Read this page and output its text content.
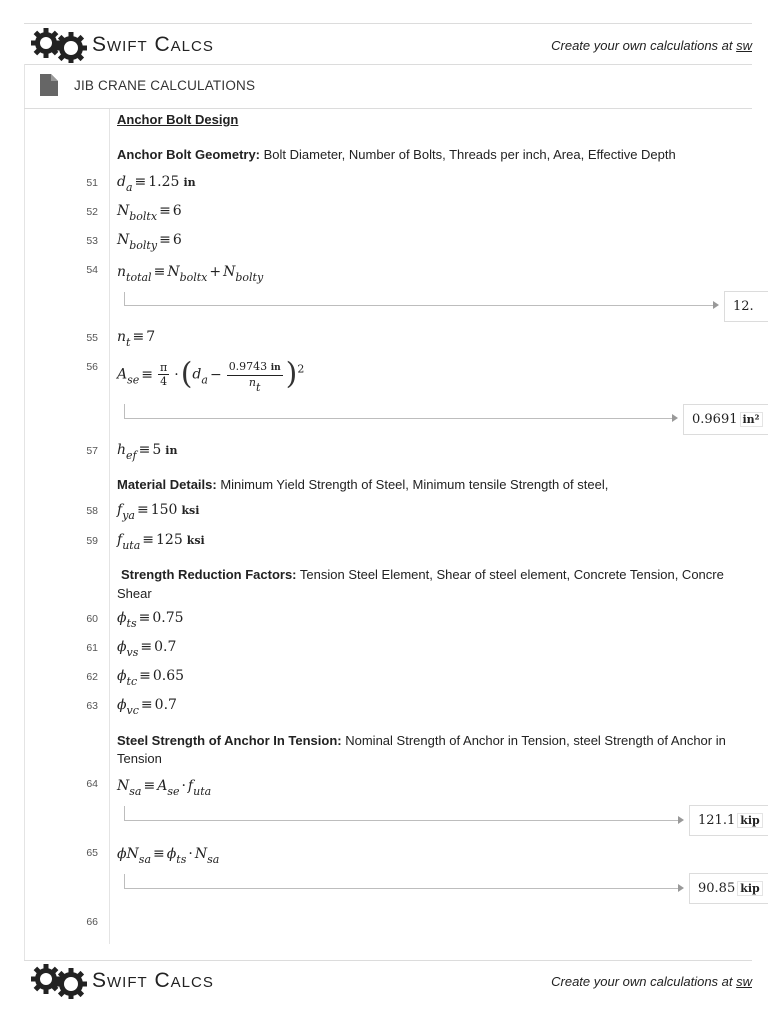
Swift Calcs	Create your own calculations at sw
JIB CRANE CALCULATIONS
Anchor Bolt Design
Anchor Bolt Geometry: Bolt Diameter, Number of Bolts, Threads per inch, Area, Effective Depth
51 $d_a \equiv 1.25$ in
52 $N_{boltx} \equiv 6$
53 $N_{bolty} \equiv 6$
54 $n_{total} \equiv N_{boltx} + N_{bolty}$
12.
55 $n_t \equiv 7$
56 $A_{se} \equiv \frac{\pi}{4} \cdot(d_a - \frac{0.9743 in}{n_t} )^2$
0.9691 in²
57 $h_{ef} \equiv 5$ in
Material Details: Minimum Yield Strength of Steel, Minimum tensile Strength of steel,
58 $f_{ya} \equiv 150$ ksi
59 $f_{uta} \equiv 125$ ksi
Strength Reduction Factors: Tension Steel Element, Shear of steel element, Concrete Tension, Concre
Shear
60 $\phi_{ts} \equiv 0.75$
61 $\phi_{vs} \equiv 0.7$
62 $\phi_{tc} \equiv 0.65$
63 $\phi_{vc} \equiv 0.7$
Steel Strength of Anchor In Tension: Nominal Strength of Anchor in Tension, steel Strength of Anchor in
Tension
64 $N_{sa} \equiv A_{se} \cdot f_{uta}$
121.1 kip
65 $\phi N_{sa} \equiv \phi_{ts} \cdot N_{sa}$
90.85 kip
66
Swift Calcs	Create your own calculations at sw
